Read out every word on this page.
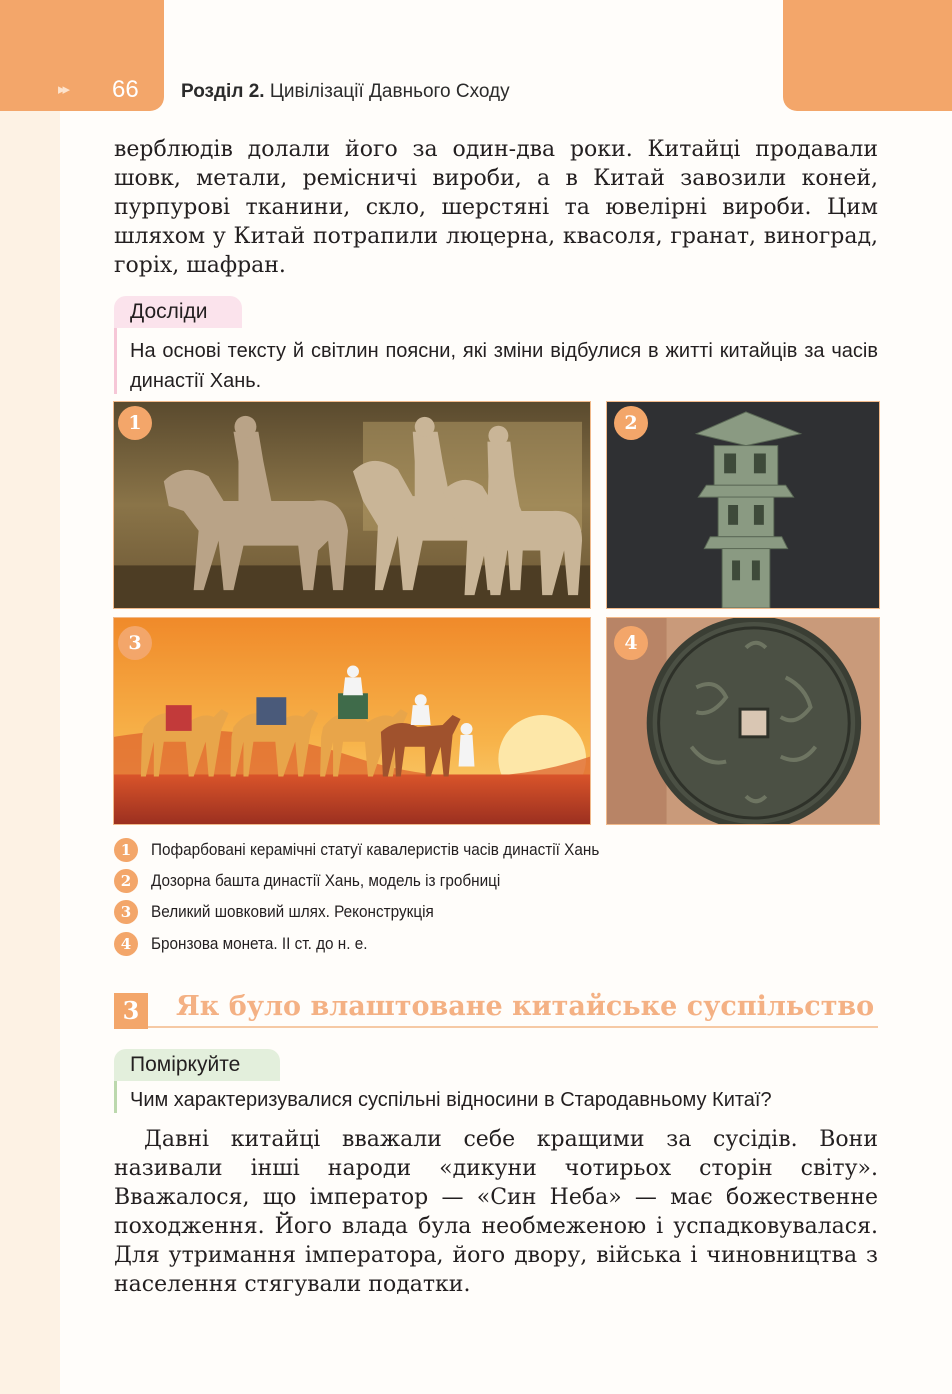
▸▸ 66 Розділ 2. Цивілізації Давнього Сходу

верблюдів долали його за один-два роки. Китайці продавали шовк, метали, ремісничі вироби, а в Китай завозили коней, пурпурові тканини, скло, шерстяні та ювелірні вироби. Цим шляхом у Китай потрапили люцерна, квасоля, гранат, виноград, горіх, шафран.

Досліди

На основі тексту й світлин поясни, які зміни відбулися в житті китайців за часів династії Хань.

1	2
3	4
1	Пофарбовані керамічні статуї кавалеристів часів династії Хань
2	Дозорна башта династії Хань, модель із гробниці
3	Великий шовковий шлях. Реконструкція
4	Бронзова монета. ІІ ст. до н. е.
3	Як було влаштоване китайське суспільство
Поміркуйте

Чим характеризувалися суспільні відносини в Стародавньому Китаї?

Давні китайці вважали себе кращими за сусідів. Вони називали інші народи «дикуни чотирьох сторін світу». Вважалося, що імператор — «Син Неба» — має божественне походження. Його влада була необмеженою і успадковувалася. Для утримання імператора, його двору, війська і чиновництва з населення стягували податки.
